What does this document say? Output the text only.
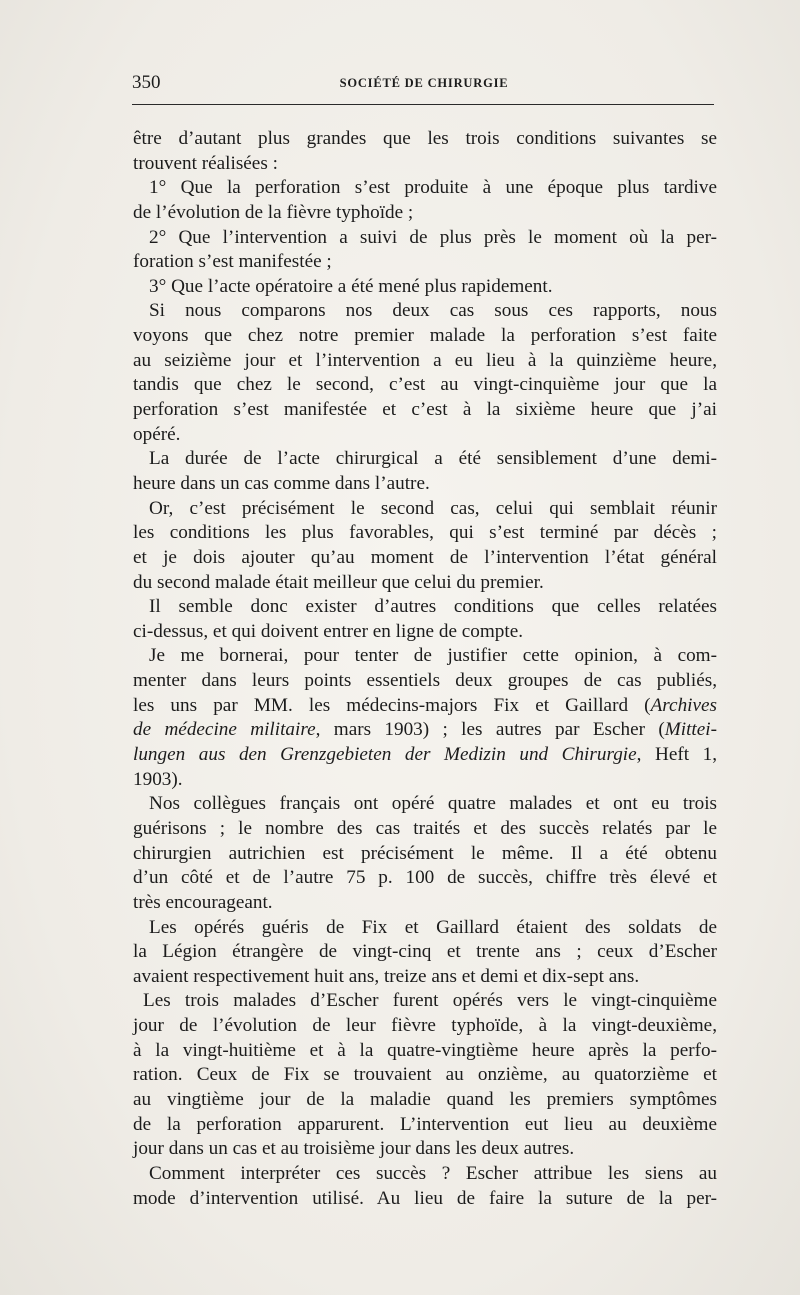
350	SOCIÉTÉ DE CHIRURGIE
être d’autant plus grandes que les trois conditions suivantes se
trouvent réalisées :
1° Que la perforation s’est produite à une époque plus tardive
de l’évolution de la fièvre typhoïde ;
2° Que l’intervention a suivi de plus près le moment où la per-
foration s’est manifestée ;
3° Que l’acte opératoire a été mené plus rapidement.
Si nous comparons nos deux cas sous ces rapports, nous
voyons que chez notre premier malade la perforation s’est faite
au seizième jour et l’intervention a eu lieu à la quinzième heure,
tandis que chez le second, c’est au vingt-cinquième jour que la
perforation s’est manifestée et c’est à la sixième heure que j’ai
opéré.
La durée de l’acte chirurgical a été sensiblement d’une demi-
heure dans un cas comme dans l’autre.
Or, c’est précisément le second cas, celui qui semblait réunir
les conditions les plus favorables, qui s’est terminé par décès ;
et je dois ajouter qu’au moment de l’intervention l’état général
du second malade était meilleur que celui du premier.
Il semble donc exister d’autres conditions que celles relatées
ci-dessus, et qui doivent entrer en ligne de compte.
Je me bornerai, pour tenter de justifier cette opinion, à com-
menter dans leurs points essentiels deux groupes de cas publiés,
les uns par MM. les médecins-majors Fix et Gaillard (Archives
de médecine militaire, mars 1903) ; les autres par Escher (Mittei-
lungen aus den Grenzgebieten der Medizin und Chirurgie, Heft 1,
1903).
Nos collègues français ont opéré quatre malades et ont eu trois
guérisons ; le nombre des cas traités et des succès relatés par le
chirurgien autrichien est précisément le même. Il a été obtenu
d’un côté et de l’autre 75 p. 100 de succès, chiffre très élevé et
très encourageant.
Les opérés guéris de Fix et Gaillard étaient des soldats de
la Légion étrangère de vingt-cinq et trente ans ; ceux d’Escher
avaient respectivement huit ans, treize ans et demi et dix-sept ans.
Les trois malades d’Escher furent opérés vers le vingt-cinquième
jour de l’évolution de leur fièvre typhoïde, à la vingt-deuxième,
à la vingt-huitième et à la quatre-vingtième heure après la perfo-
ration. Ceux de Fix se trouvaient au onzième, au quatorzième et
au vingtième jour de la maladie quand les premiers symptômes
de la perforation apparurent. L’intervention eut lieu au deuxième
jour dans un cas et au troisième jour dans les deux autres.
Comment interpréter ces succès ? Escher attribue les siens au
mode d’intervention utilisé. Au lieu de faire la suture de la per-
